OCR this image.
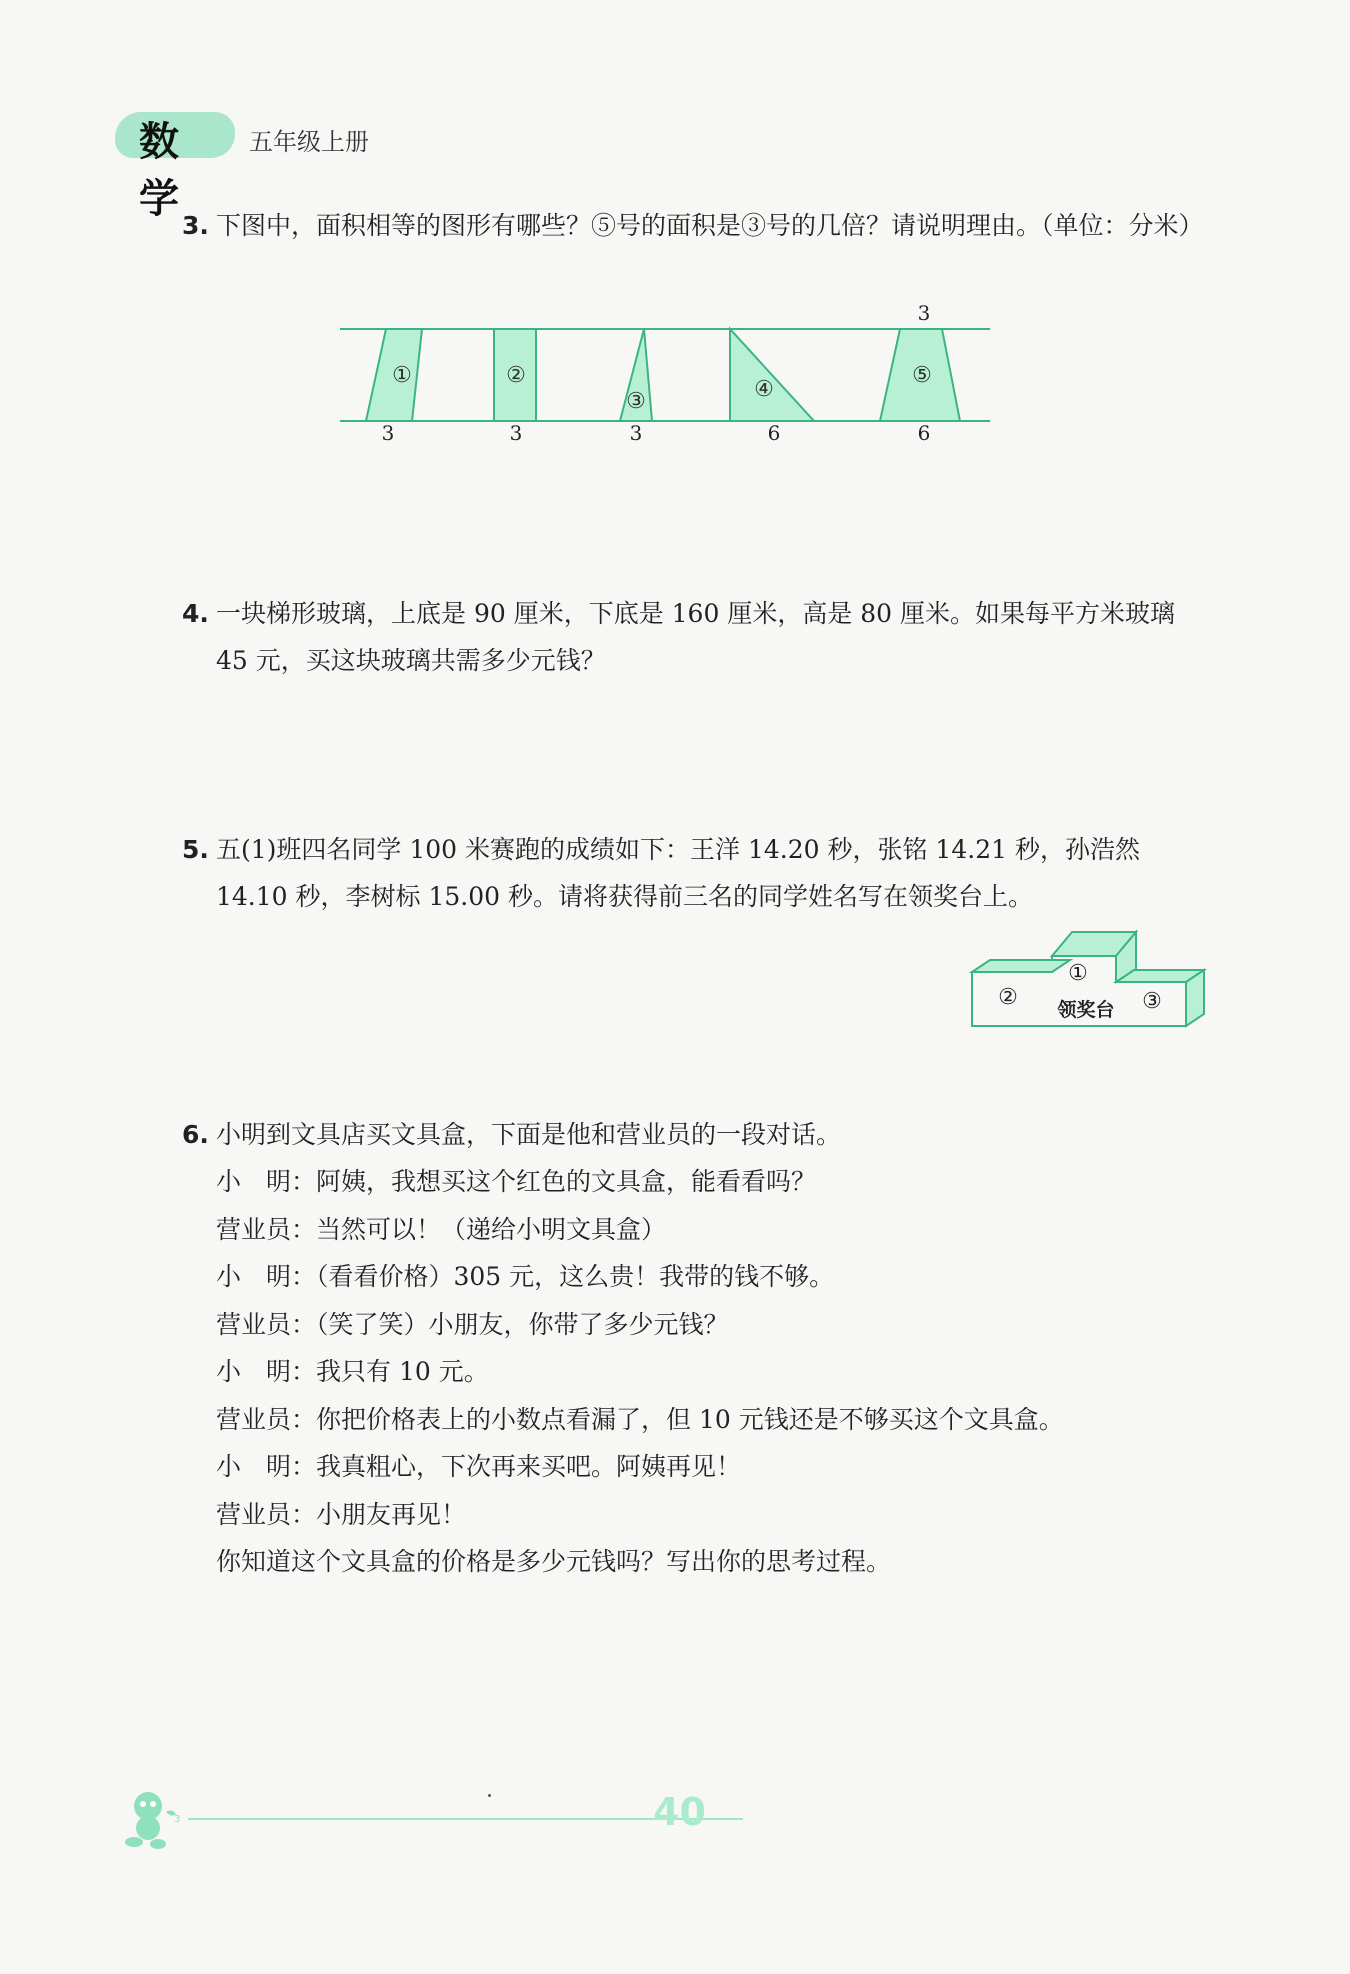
数学
五年级上册
3. 下图中，面积相等的图形有哪些？⑤号的面积是③号的几倍？请说明理由。（单位：分米）
①
3
②
3
③
3
④
6
⑤
6
3
4. 一块梯形玻璃，上底是 90 厘米，下底是 160 厘米，高是 80 厘米。如果每平方米玻璃 45 元，买这块玻璃共需多少元钱？
5. 五(1)班四名同学 100 米赛跑的成绩如下：王洋 14.20 秒，张铭 14.21 秒，孙浩然 14.10 秒，李树标 15.00 秒。请将获得前三名的同学姓名写在领奖台上。
②
①
③
领奖台
6. 小明到文具店买文具盒，下面是他和营业员的一段对话。
小　明：阿姨，我想买这个红色的文具盒，能看看吗？
营业员：当然可以！（递给小明文具盒）
小　明：（看看价格）305 元，这么贵！我带的钱不够。
营业员：（笑了笑）小朋友，你带了多少元钱？
小　明：我只有 10 元。
营业员：你把价格表上的小数点看漏了，但 10 元钱还是不够买这个文具盒。
小　明：我真粗心，下次再来买吧。阿姨再见！
营业员：小朋友再见！
你知道这个文具盒的价格是多少元钱吗？写出你的思考过程。
3	40
